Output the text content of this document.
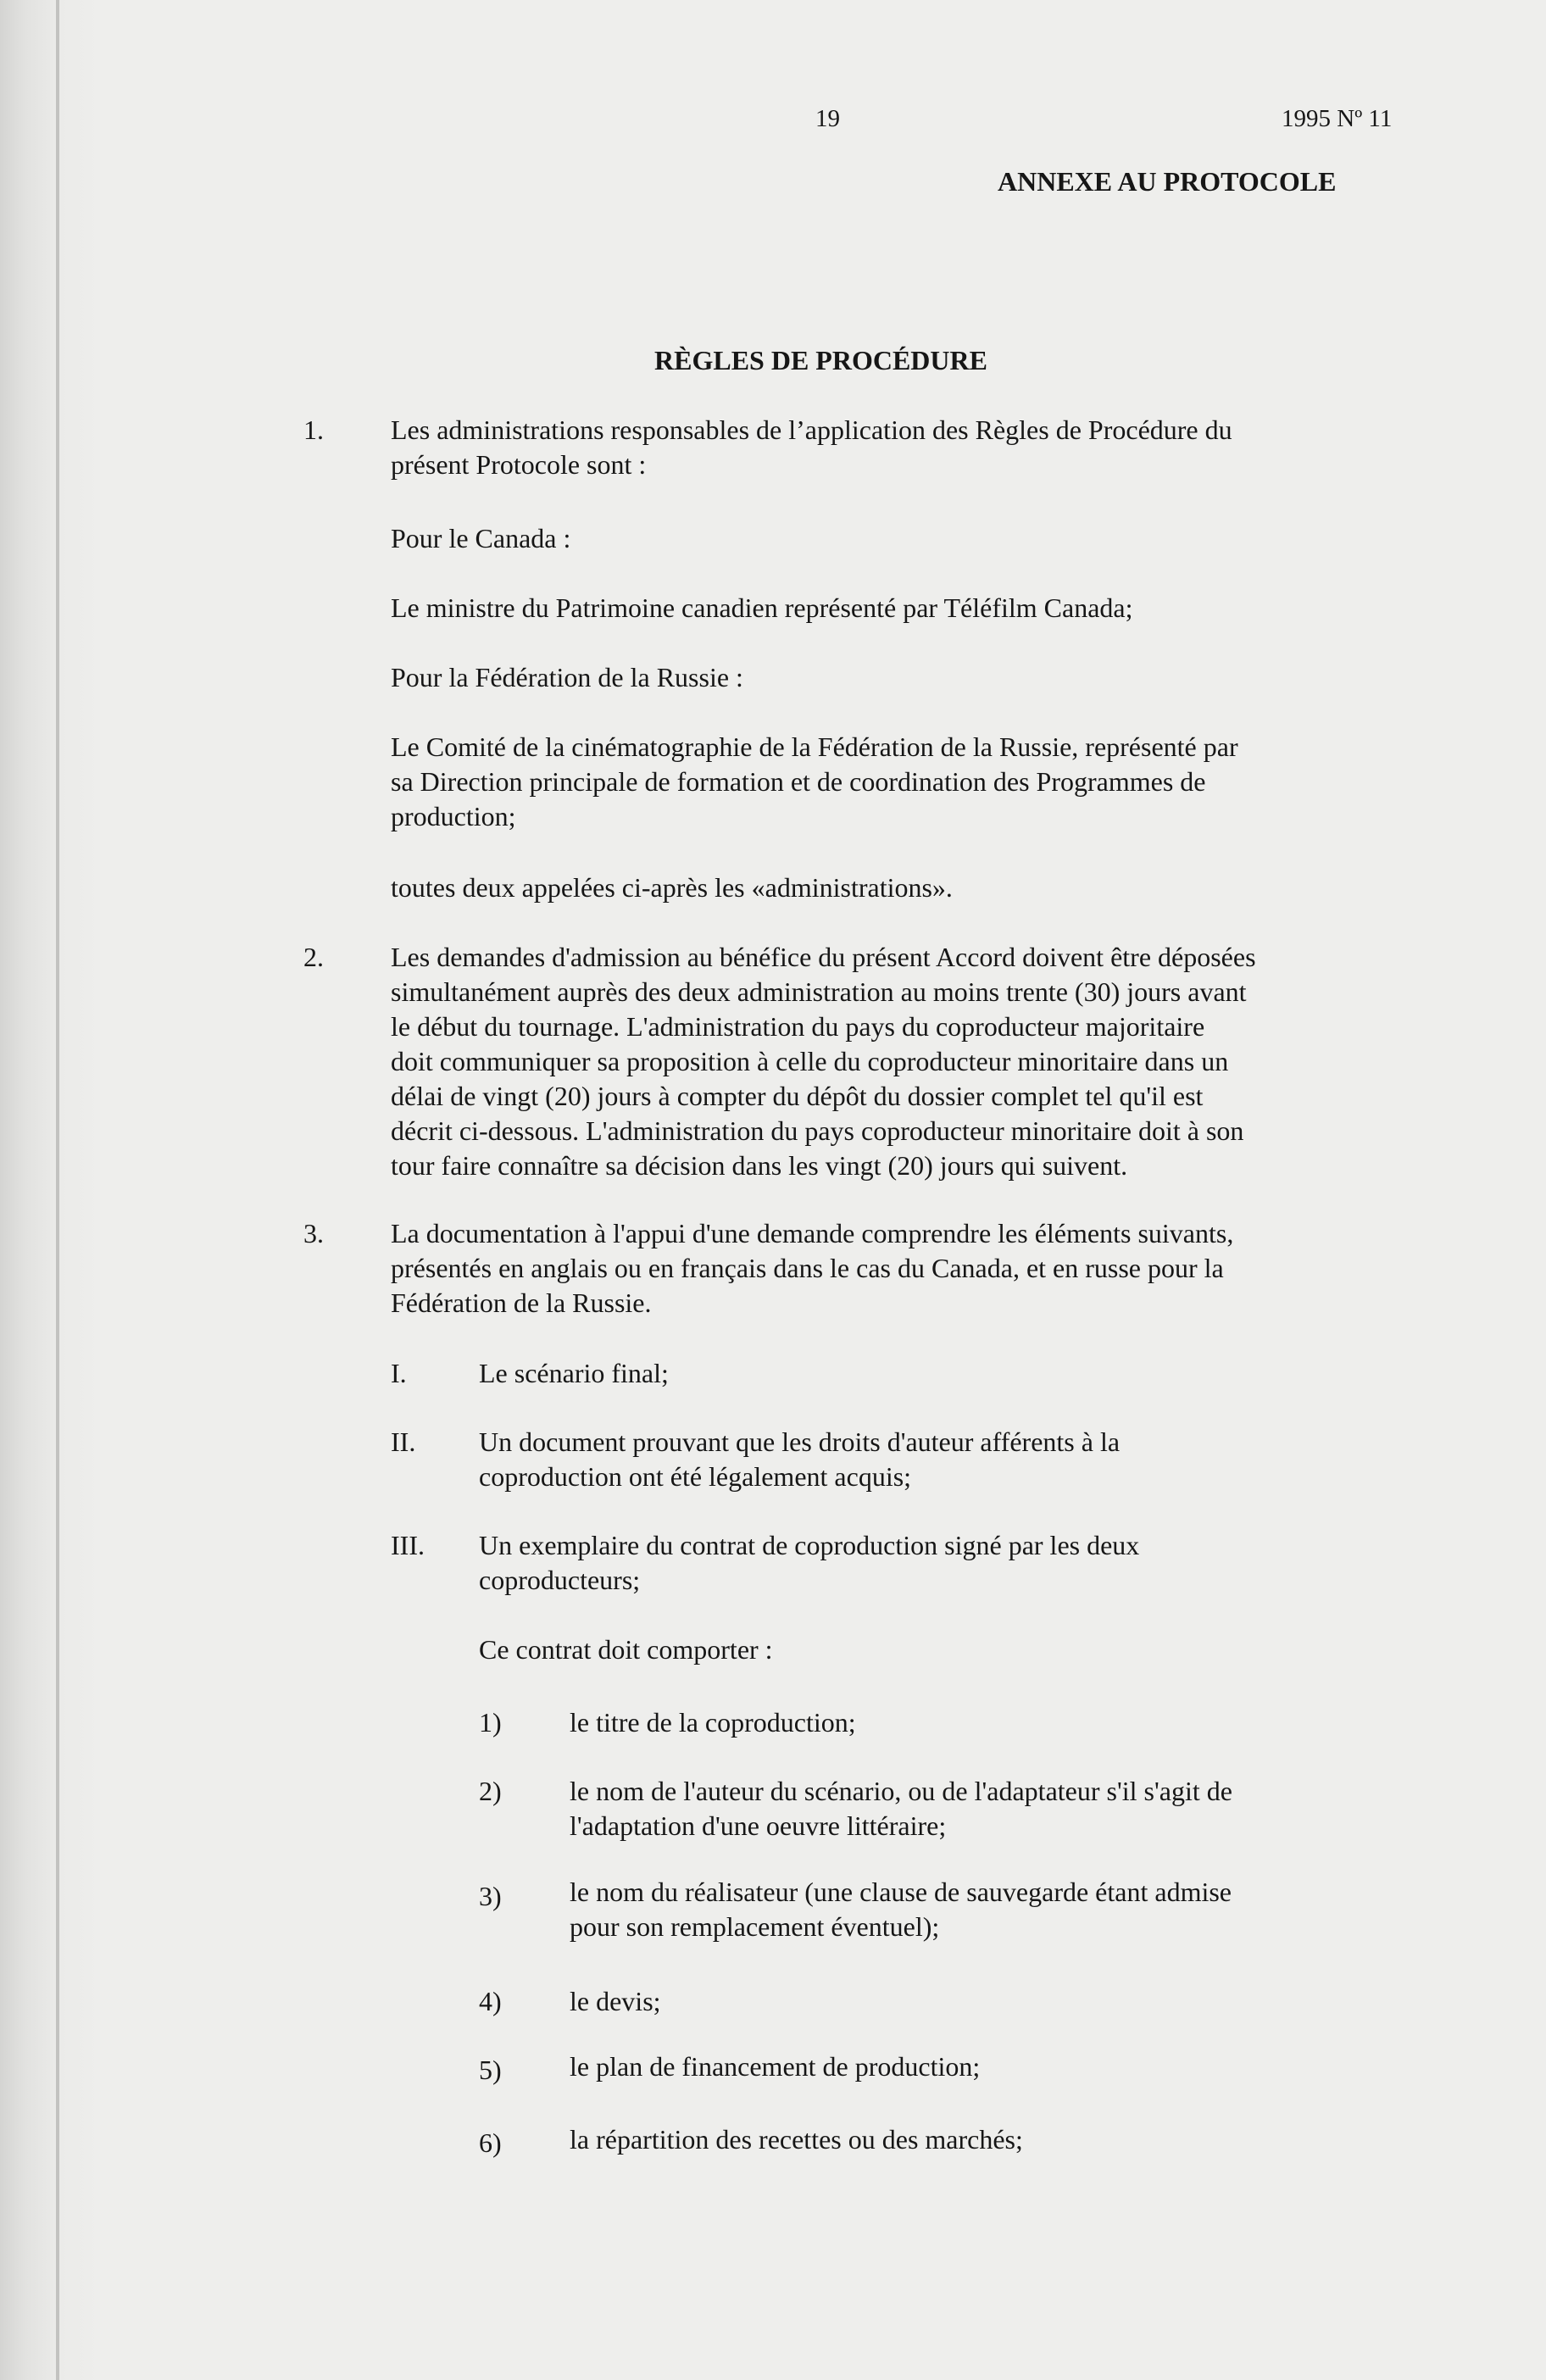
19	1995 Nº 11
ANNEXE AU PROTOCOLE
RÈGLES DE PROCÉDURE
1. Les administrations responsables de l’application des Règles de Procédure du
présent Protocole sont :
Pour le Canada :
Le ministre du Patrimoine canadien représenté par Téléfilm Canada;
Pour la Fédération de la Russie :
Le Comité de la cinématographie de la Fédération de la Russie, représenté par
sa Direction principale de formation et de coordination des Programmes de
production;
toutes deux appelées ci-après les «administrations».
2. Les demandes d'admission au bénéfice du présent Accord doivent être déposées
simultanément auprès des deux administration au moins trente (30) jours avant
le début du tournage. L'administration du pays du coproducteur majoritaire
doit communiquer sa proposition à celle du coproducteur minoritaire dans un
délai de vingt (20) jours à compter du dépôt du dossier complet tel qu'il est
décrit ci-dessous. L'administration du pays coproducteur minoritaire doit à son
tour faire connaître sa décision dans les vingt (20) jours qui suivent.
3. La documentation à l'appui d'une demande comprendre les éléments suivants,
présentés en anglais ou en français dans le cas du Canada, et en russe pour la
Fédération de la Russie.
I.	Le scénario final;
II. Un document prouvant que les droits d'auteur afférents à la
coproduction ont été légalement acquis;
III. Un exemplaire du contrat de coproduction signé par les deux
coproducteurs;
Ce contrat doit comporter :
1)	le titre de la coproduction;
2)	le nom de l'auteur du scénario, ou de l'adaptateur s'il s'agit de
l'adaptation d'une oeuvre littéraire;
3)	le nom du réalisateur (une clause de sauvegarde étant admise
pour son remplacement éventuel);
4)	le devis;
5)	le plan de financement de production;
6)	la répartition des recettes ou des marchés;
